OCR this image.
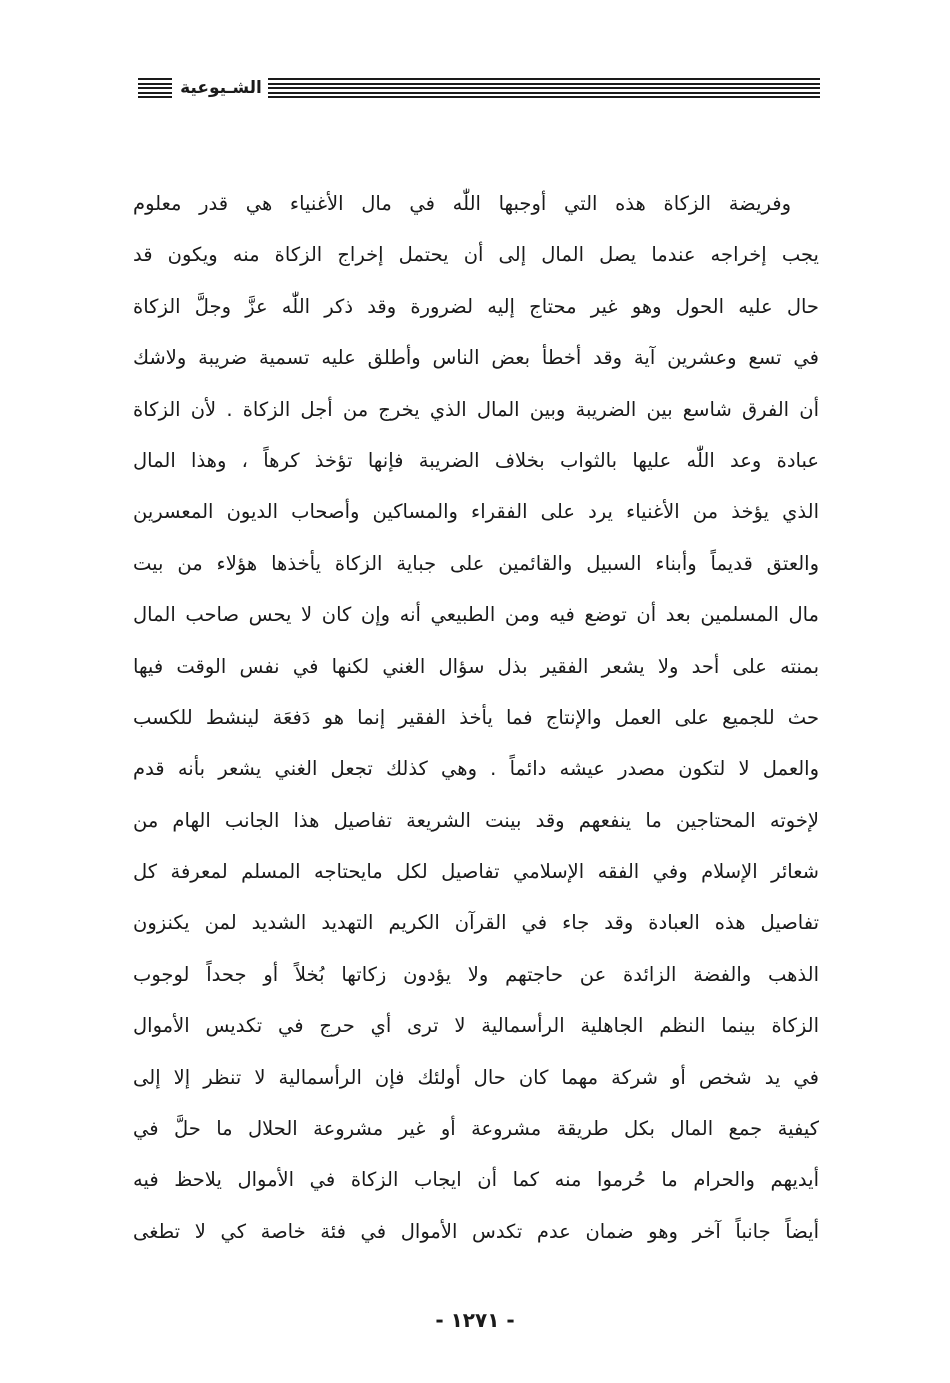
الشـيوعية
وفريضة الزكاة هذه التي أوجبها اللّٰه في مال الأغنياء هي قدر معلوم
يجب إخراجه عندما يصل المال إلى أن يحتمل إخراج الزكاة منه ويكون قد
حال عليه الحول وهو غير محتاج إليه لضرورة وقد ذكر اللّٰه عزَّ وجلَّ الزكاة
في تسع وعشرين آية وقد أخطأ بعض الناس وأطلق عليه تسمية ضريبة ولاشك
أن الفرق شاسع بين الضريبة وبين المال الذي يخرج من أجل الزكاة . لأن الزكاة
عبادة وعد اللّٰه عليها بالثواب بخلاف الضريبة فإنها تؤخذ كرهاً ، وهذا المال
الذي يؤخذ من الأغنياء يرد على الفقراء والمساكين وأصحاب الديون المعسرين
والعتق قديماً وأبناء السبيل والقائمين على جباية الزكاة يأخذها هؤلاء من بيت
مال المسلمين بعد أن توضع فيه ومن الطبيعي أنه وإن كان لا يحس صاحب المال
بمنته على أحد ولا يشعر الفقير بذل سؤال الغني لكنها في نفس الوقت فيها
حث للجميع على العمل والإنتاج فما يأخذ الفقير إنما هو دَفعَة لينشط للكسب
والعمل لا لتكون مصدر عيشه دائماً . وهي كذلك تجعل الغني يشعر بأنه قدم
لإخوته المحتاجين ما ينفعهم وقد بينت الشريعة تفاصيل هذا الجانب الهام من
شعائر الإسلام وفي الفقه الإسلامي تفاصيل لكل مايحتاجه المسلم لمعرفة كل
تفاصيل هذه العبادة وقد جاء في القرآن الكريم التهديد الشديد لمن يكنزون
الذهب والفضة الزائدة عن حاجتهم ولا يؤدون زكاتها بُخلاً أو جحداً لوجوب
الزكاة بينما النظم الجاهلية الرأسمالية لا ترى أي حرج في تكديس الأموال
في يد شخص أو شركة مهما كان حال أولئك فإن الرأسمالية لا تنظر إلا إلى
كيفية جمع المال بكل طريقة مشروعة أو غير مشروعة الحلال ما حلَّ في
أيديهم والحرام ما حُرموا منه كما أن ايجاب الزكاة في الأموال يلاحظ فيه
أيضاً جانباً آخر وهو ضمان عدم تكدس الأموال في فئة خاصة كي لا تطغى
- ١٢٧١ -
